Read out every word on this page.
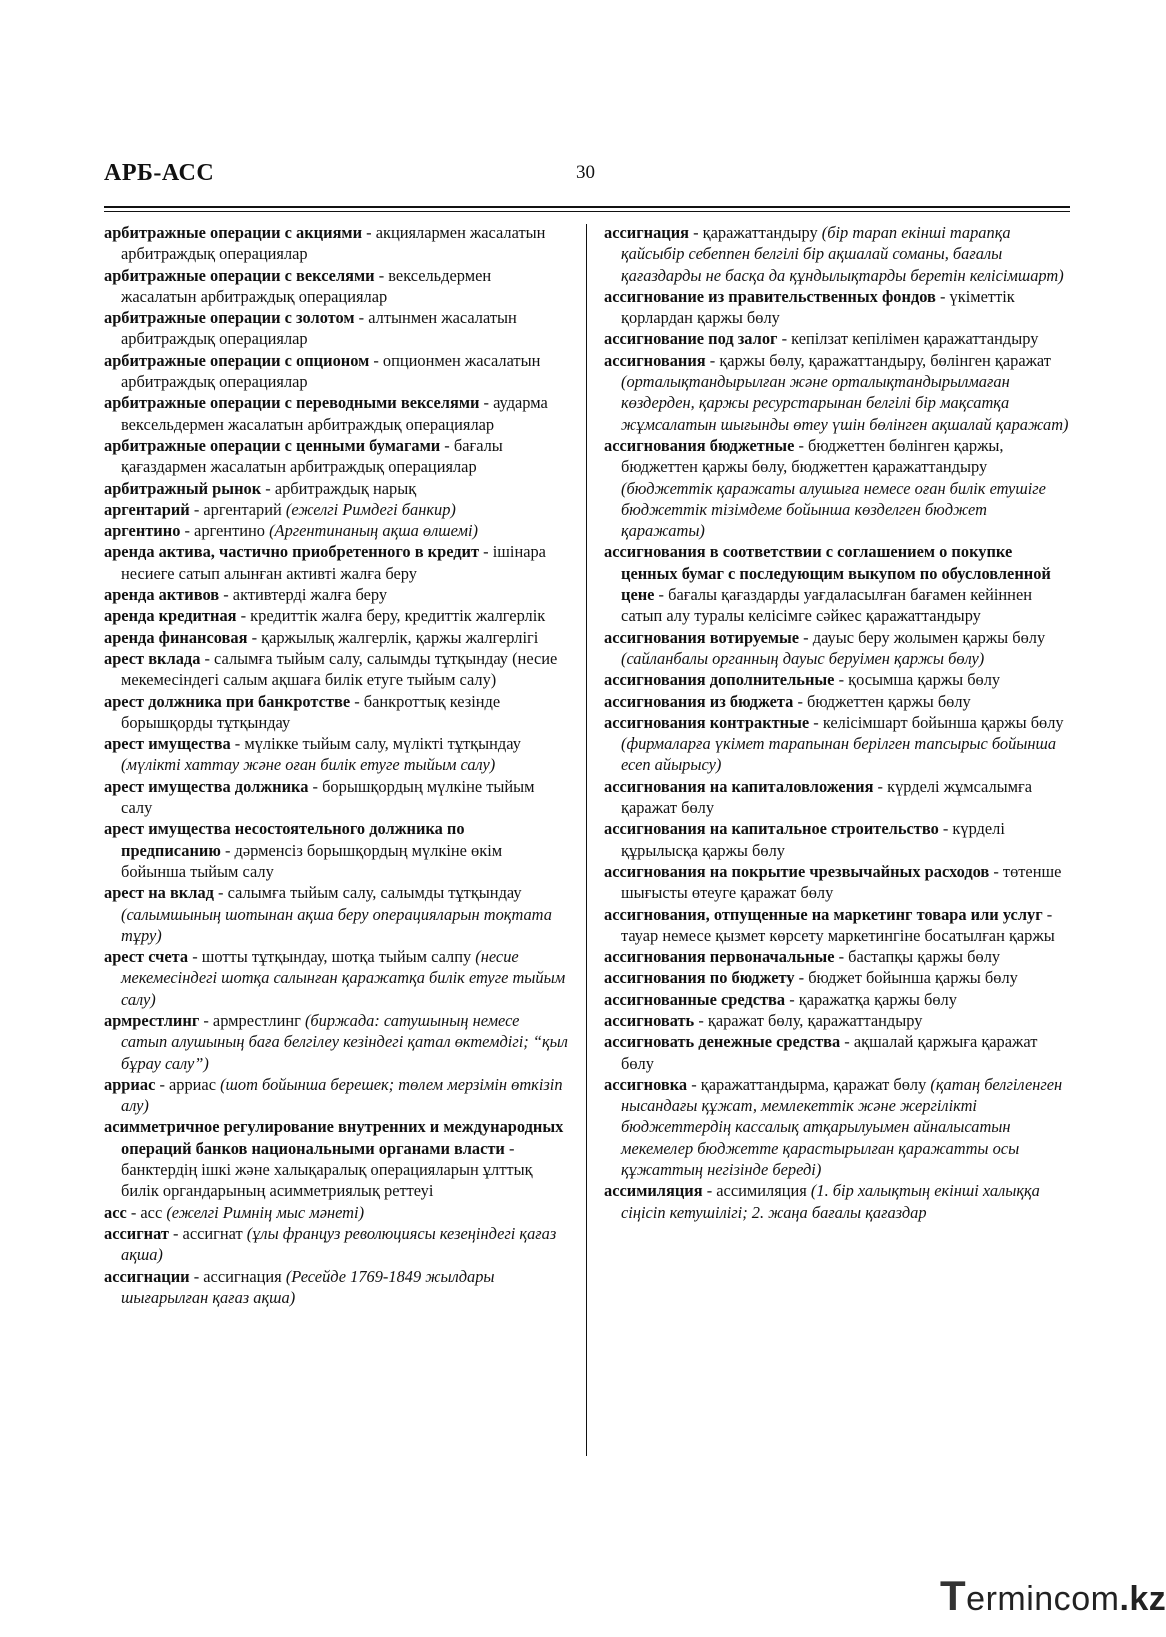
АРБ-АСС	30

арбитражные операции с акциями - акциялармен жасалатын арбитраждық операциялар

арбитражные операции с векселями - вексельдермен жасалатын арбитраждық операциялар

арбитражные операции с золотом - алтынмен жасалатын арбитраждық операциялар

арбитражные операции с опционом - опционмен жасалатын арбитраждық операциялар

арбитражные операции с переводными векселями - аударма вексельдермен жасалатын арбитраждық операциялар

арбитражные операции с ценными бумагами - бағалы қағаздармен жасалатын арбитраждық операциялар

арбитражный рынок - арбитраждық нарық

аргентарий - аргентарий (ежелгі Римдегі банкир)

аргентино - аргентино (Аргентинаның ақша өлшемі)

аренда актива, частично приобретенного в кредит - ішінара несиеге сатып алынған активті жалға беру

аренда активов - активтерді жалға беру

аренда кредитная - кредиттік жалға беру, кредиттік жалгерлік

аренда финансовая - қаржылық жалгерлік, қаржы жалгерлігі

арест вклада - салымға тыйым салу, салымды тұтқындау (несие мекемесіндегі салым ақшаға билік етуге тыйым салу)

арест должника при банкротстве - банкроттық кезінде борышқорды тұтқындау

арест имущества - мүлікке тыйым салу, мүлікті тұтқындау (мүлікті хаттау және оған билік етуге тыйым салу)

арест имущества должника - борышқордың мүлкіне тыйым салу

арест имущества несостоятельного должника по предписанию - дәрменсіз борышқордың мүлкіне өкім бойынша тыйым салу

арест на вклад - салымға тыйым салу, салымды тұтқындау (салымшының шотынан ақша беру операцияларын тоқтата тұру)

арест счета - шотты тұтқындау, шотқа тыйым салпу (несие мекемесіндегі шотқа салынған қаражатқа билік етуге тыйым салу)

армрестлинг - армрестлинг (биржада: сатушының немесе сатып алушының баға белгілеу кезіндегі қатал өктемдігі; “қыл бұрау салу”)

арриас - арриас (шот бойынша берешек; төлем мерзімін өткізіп алу)

асимметричное регулирование внутренних и международных операций банков национальными органами власти - банктердің ішкі және халықаралық операцияларын ұлттық билік органдарының асимметриялық реттеуі

асс - асс (ежелгі Римнің мыс мәнеті)

ассигнат - ассигнат (ұлы француз революциясы кезеңіндегі қағаз ақша)

ассигнации - ассигнация (Ресейде 1769-1849 жылдары шығарылған қағаз ақша)

ассигнация - қаражаттандыру (бір тарап екінші тарапқа қайсыбір себеппен белгілі бір ақшалай соманы, бағалы қағаздарды не басқа да құндылықтарды беретін келісімшарт)

ассигнование из правительственных фондов - үкіметтік қорлардан қаржы бөлу

ассигнование под залог - кепілзат кепілімен қаражаттандыру

ассигнования - қаржы бөлу, қаражаттандыру, бөлінген қаражат (орталықтандырылған және орталықтандырылмаған көздерден, қаржы ресурстарынан белгілі бір мақсатқа жұмсалатын шығынды өтеу үшін бөлінген ақшалай қаражат)

ассигнования бюджетные - бюджеттен бөлінген қаржы, бюджеттен қаржы бөлу, бюджеттен қаражаттандыру (бюджеттік қаражаты алушыға немесе оған билік етушіге бюджеттік тізімдеме бойынша көзделген бюджет қаражаты)

ассигнования в соответствии с соглашением о покупке ценных бумаг с последующим выкупом по обусловленной цене - бағалы қағаздарды уағдаласылған бағамен кейіннен сатып алу туралы келісімге сәйкес қаражаттандыру

ассигнования вотируемые - дауыс беру жолымен қаржы бөлу (сайланбалы органның дауыс беруімен қаржы бөлу)

ассигнования дополнительные - қосымша қаржы бөлу

ассигнования из бюджета - бюджеттен қаржы бөлу

ассигнования контрактные - келісімшарт бойынша қаржы бөлу (фирмаларға үкімет тарапынан берілген тапсырыс бойынша есеп айырысу)

ассигнования на капиталовложения - күрделі жұмсалымға қаражат бөлу

ассигнования на капитальное строительство - күрделі құрылысқа қаржы бөлу

ассигнования на покрытие чрезвычайных расходов - төтенше шығысты өтеуге қаражат бөлу

ассигнования, отпущенные на маркетинг товара или услуг - тауар немесе қызмет көрсету маркетингіне босатылған қаржы

ассигнования первоначальные - бастапқы қаржы бөлу

ассигнования по бюджету - бюджет бойынша қаржы бөлу

ассигнованные средства - қаражатқа қаржы бөлу

ассигновать - қаражат бөлу, қаражаттандыру

ассигновать денежные средства - ақшалай қаржыға қаражат бөлу

ассигновка - қаражаттандырма, қаражат бөлу (қатаң белгіленген нысандағы құжат, мемлекеттік және жергілікті бюджеттердің кассалық атқарылуымен айналысатын мекемелер бюджетте қарастырылған қаражатты осы құжаттың негізінде береді)

ассимиляция - ассимиляция (1. бір халықтың екінші халыққа сіңісіп кетушілігі; 2. жаңа бағалы қағаздар

Termincom.kz
